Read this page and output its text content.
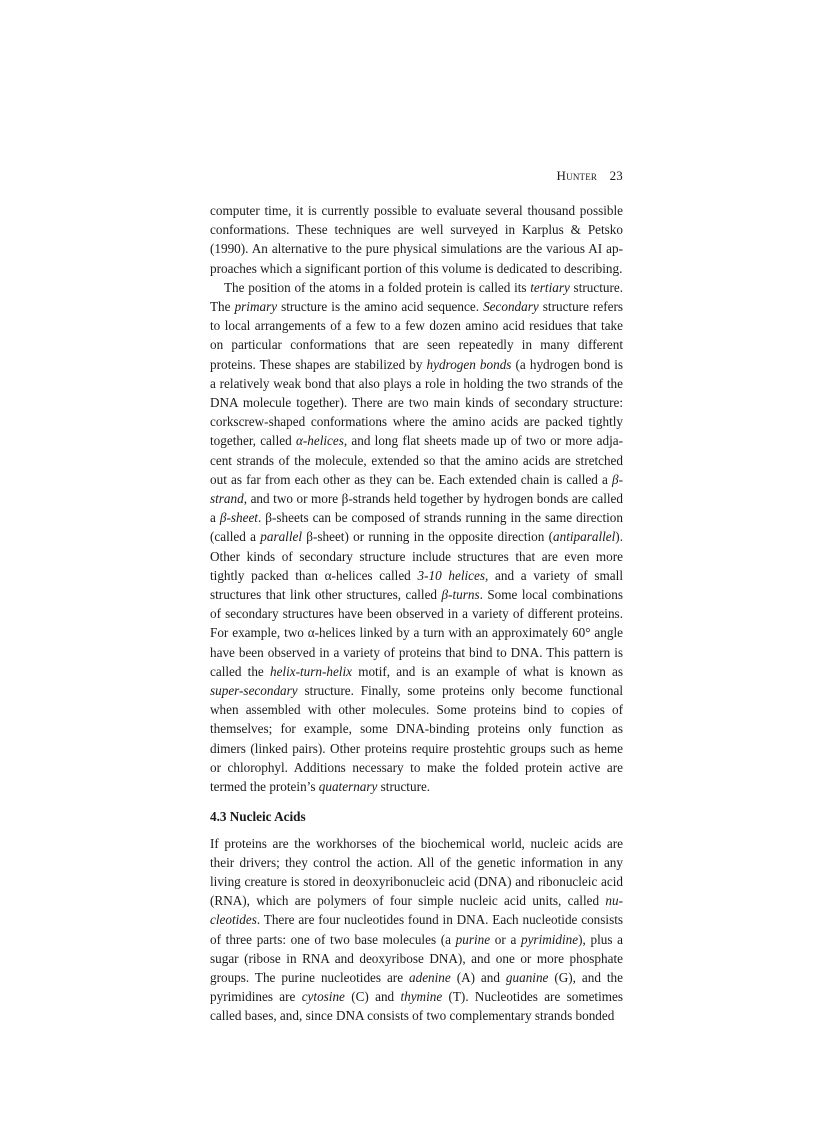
Hunter 23

computer time, it is currently possible to evaluate several thousand possible conformations. These techniques are well surveyed in Karplus & Petsko (1990). An alternative to the pure physical simulations are the various AI approaches which a significant portion of this volume is dedicated to describing.

The position of the atoms in a folded protein is called its tertiary structure. The primary structure is the amino acid sequence. Secondary structure refers to local arrangements of a few to a few dozen amino acid residues that take on particular conformations that are seen repeatedly in many different proteins. These shapes are stabilized by hydrogen bonds (a hydrogen bond is a relatively weak bond that also plays a role in holding the two strands of the DNA molecule together). There are two main kinds of secondary structure: corkscrew-shaped conformations where the amino acids are packed tightly together, called α-helices, and long flat sheets made up of two or more adjacent strands of the molecule, extended so that the amino acids are stretched out as far from each other as they can be. Each extended chain is called a β-strand, and two or more β-strands held together by hydrogen bonds are called a β-sheet. β-sheets can be composed of strands running in the same direction (called a parallel β-sheet) or running in the opposite direction (antiparallel). Other kinds of secondary structure include structures that are even more tightly packed than α-helices called 3-10 helices, and a variety of small structures that link other structures, called β-turns. Some local combinations of secondary structures have been observed in a variety of different proteins. For example, two α-helices linked by a turn with an approximately 60° angle have been observed in a variety of proteins that bind to DNA. This pattern is called the helix-turn-helix motif, and is an example of what is known as super-secondary structure. Finally, some proteins only become functional when assembled with other molecules. Some proteins bind to copies of themselves; for example, some DNA-binding proteins only function as dimers (linked pairs). Other proteins require prostehtic groups such as heme or chlorophyl. Additions necessary to make the folded protein active are termed the protein’s quaternary structure.

4.3 Nucleic Acids

If proteins are the workhorses of the biochemical world, nucleic acids are their drivers; they control the action. All of the genetic information in any living creature is stored in deoxyribonucleic acid (DNA) and ribonucleic acid (RNA), which are polymers of four simple nucleic acid units, called nucleotides. There are four nucleotides found in DNA. Each nucleotide consists of three parts: one of two base molecules (a purine or a pyrimidine), plus a sugar (ribose in RNA and deoxyribose DNA), and one or more phosphate groups. The purine nucleotides are adenine (A) and guanine (G), and the pyrimidines are cytosine (C) and thymine (T). Nucleotides are sometimes called bases, and, since DNA consists of two complementary strands bonded
